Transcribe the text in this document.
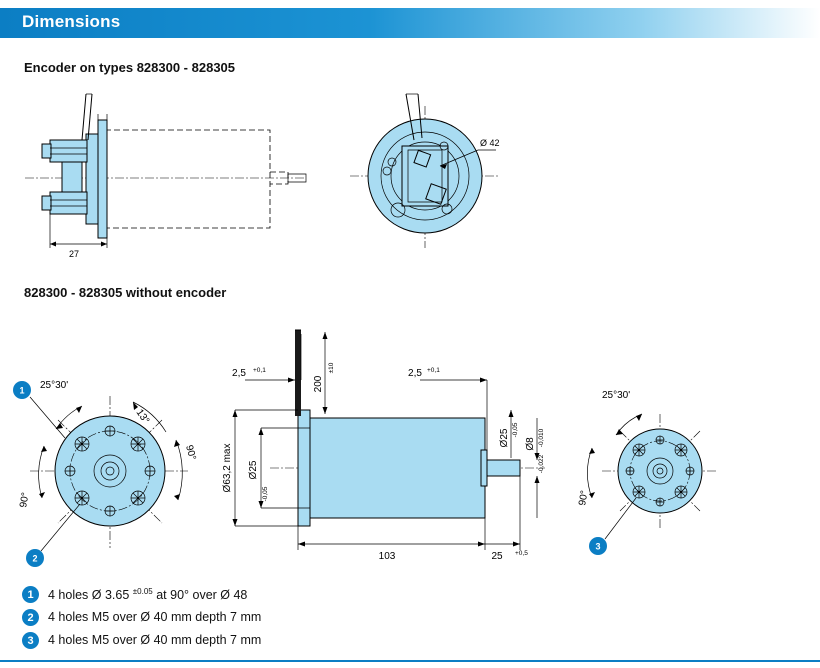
Dimensions
Encoder on types 828300 - 828305
27
Ø 42
828300 - 828305 without encoder
25°30'
13°
90°
90°
1
2
2,5 +0,1
200
±10	2,5 +0,1
Ø63,2 max Ø25
-0,05
Ø25 -0,05
Ø8 -0,010
-0,022
103	25 +0,5
25°30'
90°
3
1	4 holes Ø 3.65 $^{\pm 0.05}$ at 90° over Ø 48
2	4 holes M5 over Ø 40 mm depth 7 mm
3	4 holes M5 over Ø 40 mm depth 7 mm
